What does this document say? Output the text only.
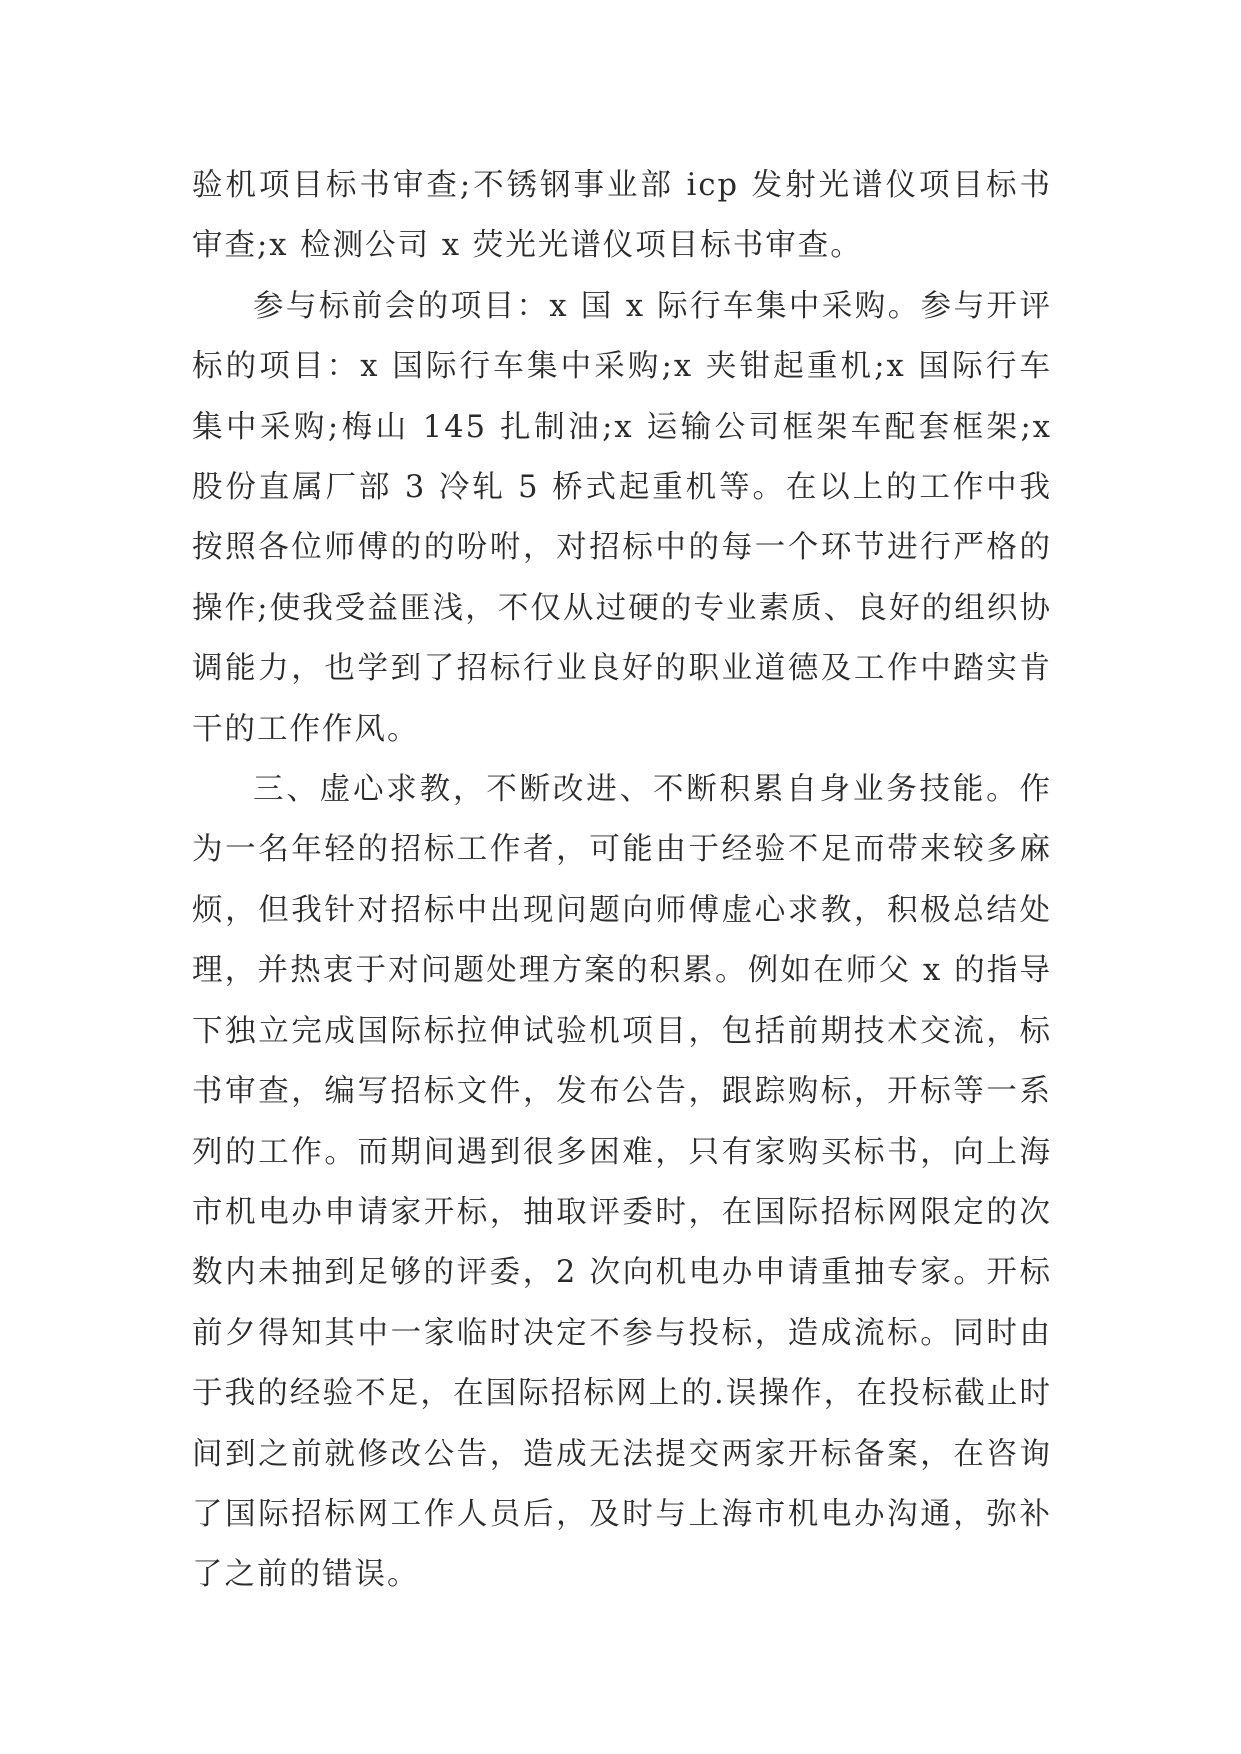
验机项目标书审查;不锈钢事业部 icp 发射光谱仪项目标书审查;x 检测公司 x 荧光光谱仪项目标书审查。

参与标前会的项目：x 国 x 际行车集中采购。参与开评标的项目：x 国际行车集中采购;x 夹钳起重机;x 国际行车集中采购;梅山 145 扎制油;x 运输公司框架车配套框架;x 股份直属厂部 3 冷轧 5 桥式起重机等。在以上的工作中我按照各位师傅的的吩咐，对招标中的每一个环节进行严格的操作;使我受益匪浅，不仅从过硬的专业素质、良好的组织协调能力，也学到了招标行业良好的职业道德及工作中踏实肯干的工作作风。

三、虚心求教，不断改进、不断积累自身业务技能。作为一名年轻的招标工作者，可能由于经验不足而带来较多麻烦，但我针对招标中出现问题向师傅虚心求教，积极总结处理，并热衷于对问题处理方案的积累。例如在师父 x 的指导下独立完成国际标拉伸试验机项目，包括前期技术交流，标书审查，编写招标文件，发布公告，跟踪购标，开标等一系列的工作。而期间遇到很多困难，只有家购买标书，向上海市机电办申请家开标，抽取评委时，在国际招标网限定的次数内未抽到足够的评委，2 次向机电办申请重抽专家。开标前夕得知其中一家临时决定不参与投标，造成流标。同时由于我的经验不足，在国际招标网上的.误操作，在投标截止时间到之前就修改公告，造成无法提交两家开标备案，在咨询了国际招标网工作人员后，及时与上海市机电办沟通，弥补了之前的错误。
